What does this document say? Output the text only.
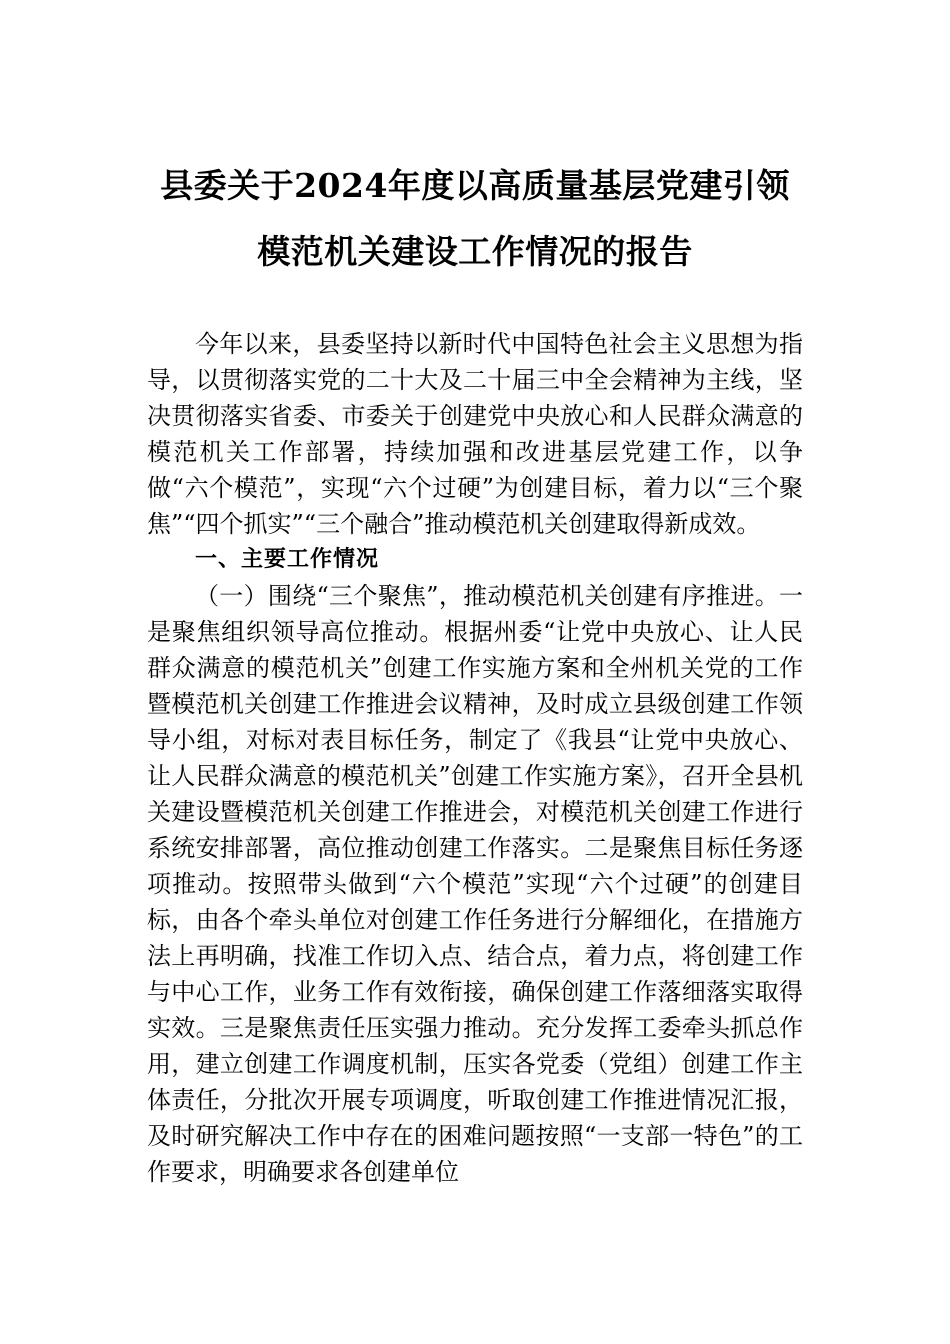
县委关于2024年度以高质量基层党建引领
模范机关建设工作情况的报告

今年以来，县委坚持以新时代中国特色社会主义思想为指导，以贯彻落实党的二十大及二十届三中全会精神为主线，坚决贯彻落实省委、市委关于创建党中央放心和人民群众满意的模范机关工作部署，持续加强和改进基层党建工作，以争做“六个模范”，实现“六个过硬”为创建目标，着力以“三个聚焦”“四个抓实”“三个融合”推动模范机关创建取得新成效。

一、主要工作情况

（一）围绕“三个聚焦”，推动模范机关创建有序推进。一是聚焦组织领导高位推动。根据州委“让党中央放心、让人民群众满意的模范机关”创建工作实施方案和全州机关党的工作暨模范机关创建工作推进会议精神，及时成立县级创建工作领导小组，对标对表目标任务，制定了《我县“让党中央放心、让人民群众满意的模范机关”创建工作实施方案》，召开全县机关建设暨模范机关创建工作推进会，对模范机关创建工作进行系统安排部署，高位推动创建工作落实。二是聚焦目标任务逐项推动。按照带头做到“六个模范”实现“六个过硬”的创建目标，由各个牵头单位对创建工作任务进行分解细化，在措施方法上再明确，找准工作切入点、结合点，着力点，将创建工作与中心工作，业务工作有效衔接，确保创建工作落细落实取得实效。三是聚焦责任压实强力推动。充分发挥工委牵头抓总作用，建立创建工作调度机制，压实各党委（党组）创建工作主体责任，分批次开展专项调度，听取创建工作推进情况汇报，及时研究解决工作中存在的困难问题按照“一支部一特色”的工作要求，明确要求各创建单位
